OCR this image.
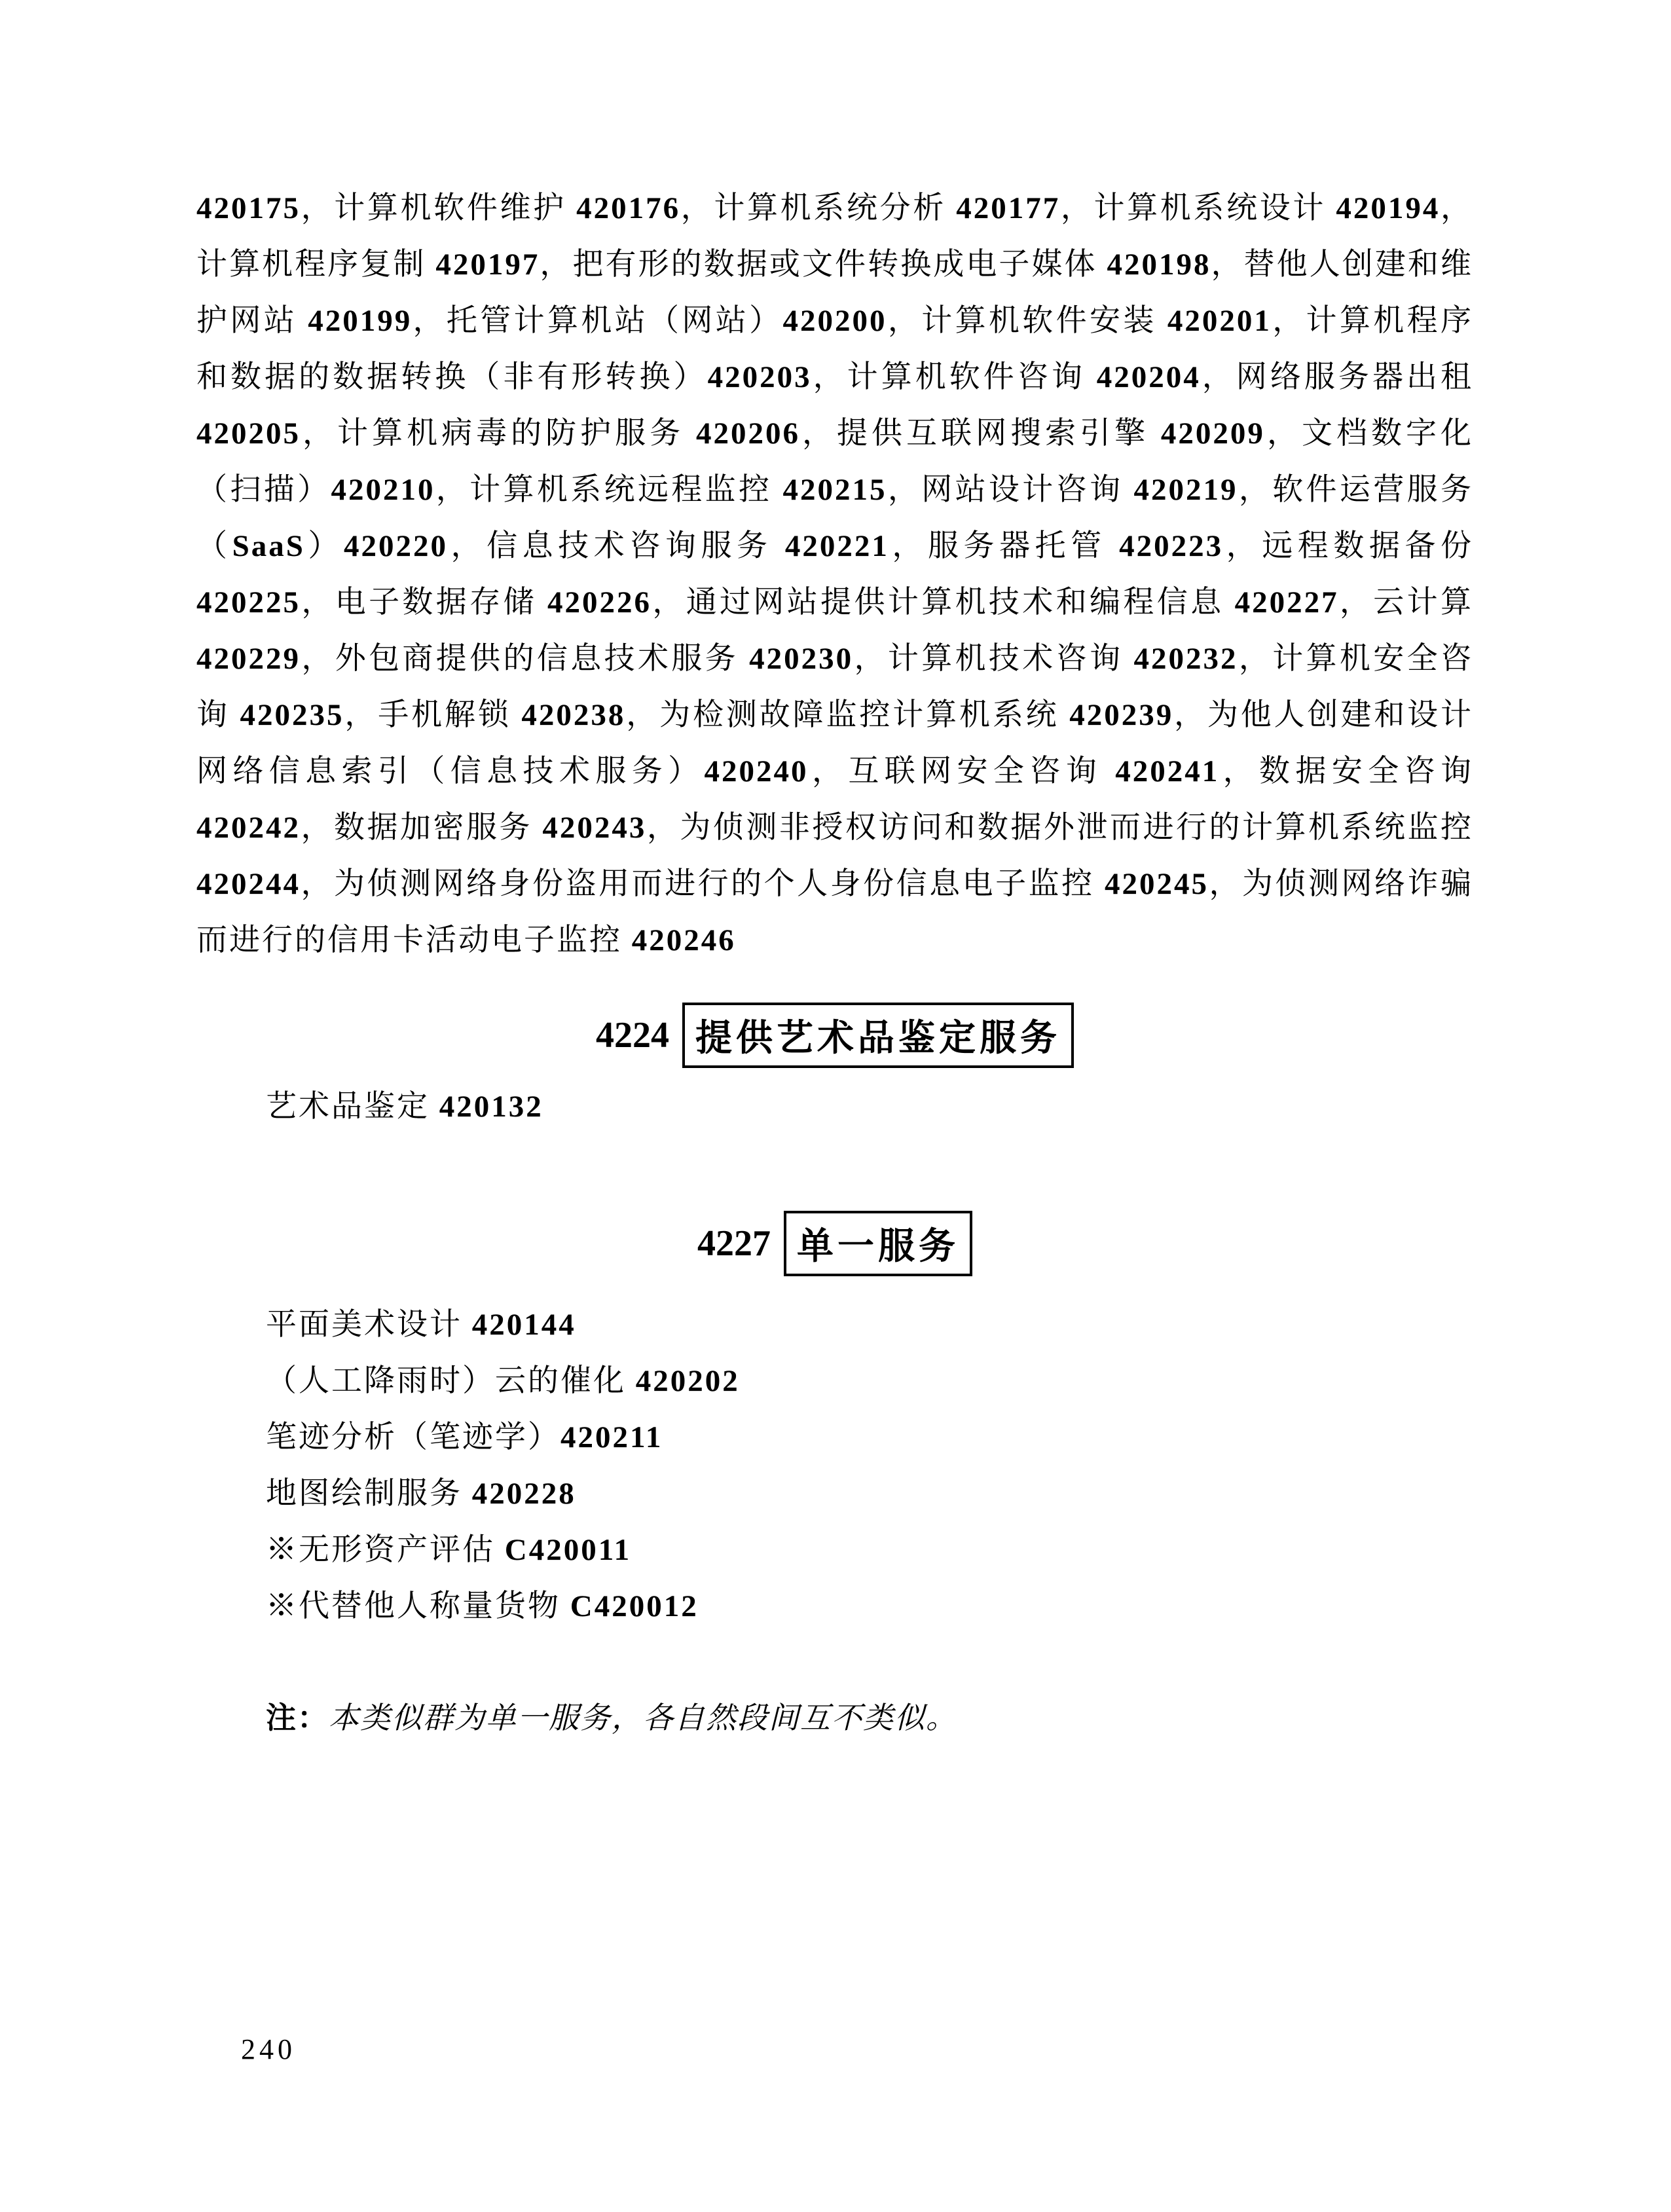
420175，计算机软件维护 420176，计算机系统分析 420177，计算机系统设计 420194，计算机程序复制 420197，把有形的数据或文件转换成电子媒体 420198，替他人创建和维护网站 420199，托管计算机站（网站）420200，计算机软件安装 420201，计算机程序和数据的数据转换（非有形转换）420203，计算机软件咨询 420204，网络服务器出租 420205，计算机病毒的防护服务 420206，提供互联网搜索引擎 420209，文档数字化（扫描）420210，计算机系统远程监控 420215，网站设计咨询 420219，软件运营服务（SaaS）420220，信息技术咨询服务 420221，服务器托管 420223，远程数据备份 420225，电子数据存储 420226，通过网站提供计算机技术和编程信息 420227，云计算 420229，外包商提供的信息技术服务 420230，计算机技术咨询 420232，计算机安全咨询 420235，手机解锁 420238，为检测故障监控计算机系统 420239，为他人创建和设计网络信息索引（信息技术服务）420240，互联网安全咨询 420241，数据安全咨询 420242，数据加密服务 420243，为侦测非授权访问和数据外泄而进行的计算机系统监控 420244，为侦测网络身份盗用而进行的个人身份信息电子监控 420245，为侦测网络诈骗而进行的信用卡活动电子监控 420246
4224 提供艺术品鉴定服务
艺术品鉴定 420132
4227 单一服务
平面美术设计 420144
（人工降雨时）云的催化 420202
笔迹分析（笔迹学）420211
地图绘制服务 420228
※无形资产评估 C420011
※代替他人称量货物 C420012
注：本类似群为单一服务，各自然段间互不类似。
240
